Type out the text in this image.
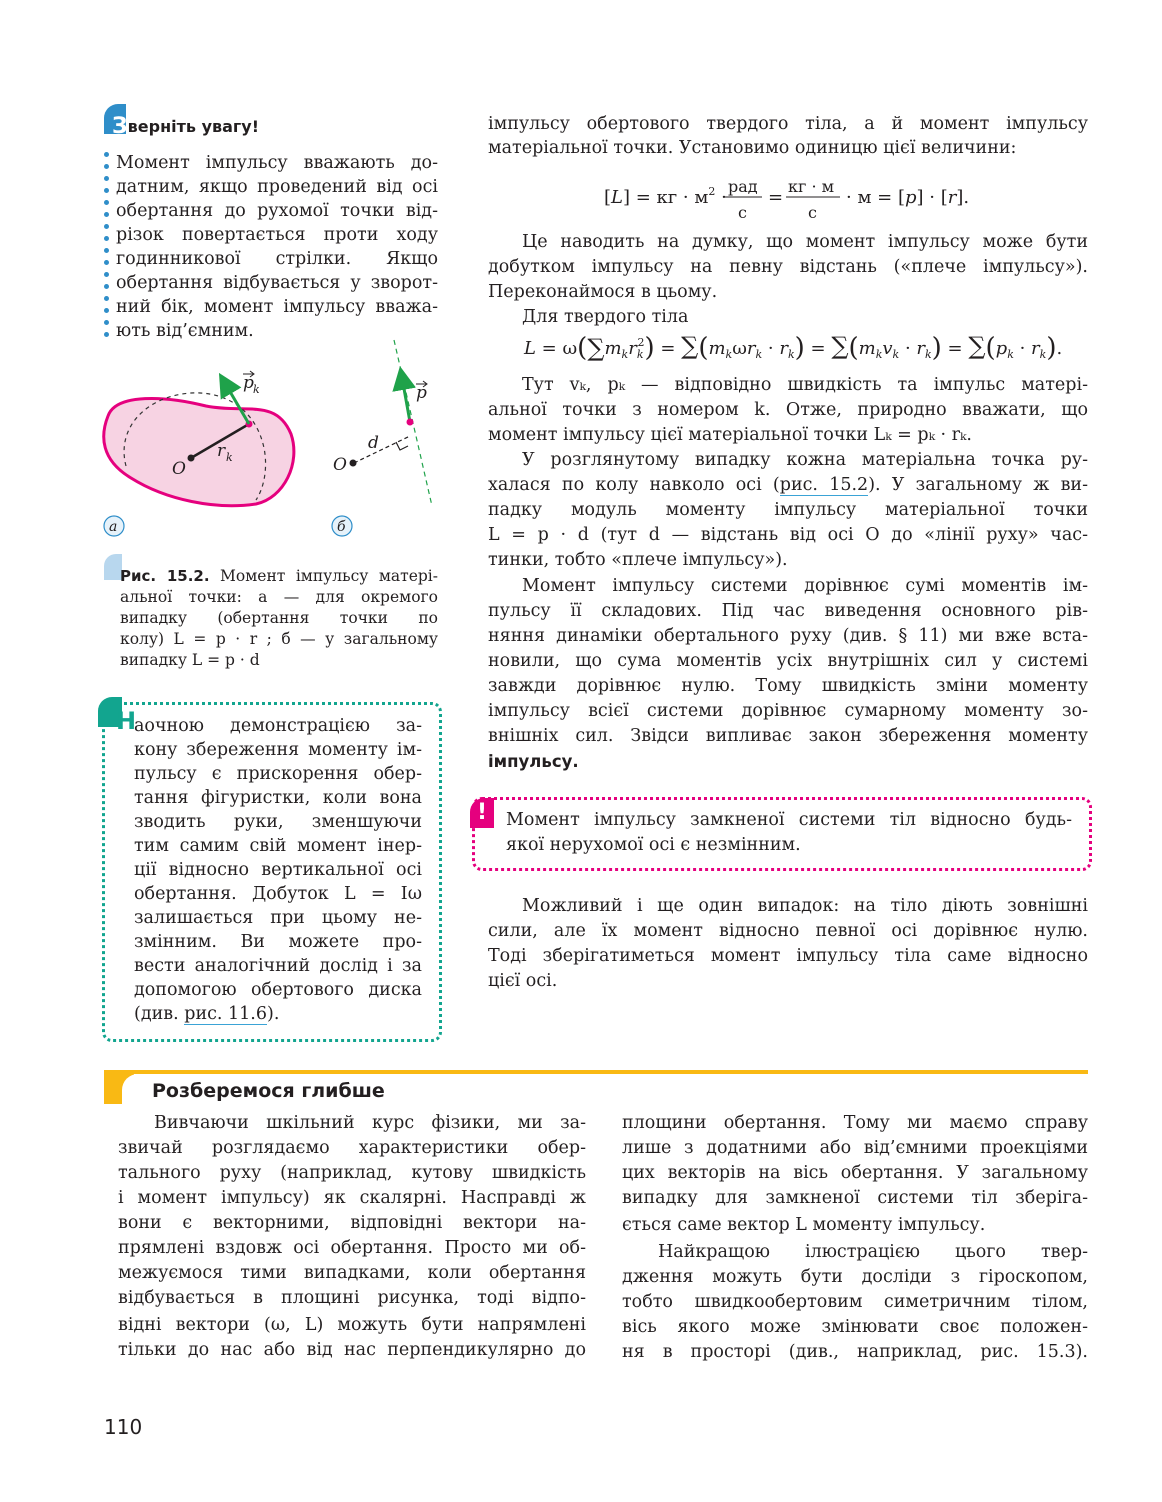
Зверніть увагу!
Момент імпульсу вважають до-
датним, якщо проведений від осі
обертання до рухомої точки від-
різок повертається проти ходу
годинникової стрілки. Якщо
обертання відбувається у зворот-
ний бік, момент імпульсу вважа-
ють від’ємним.
O
r k
p k
O
d
p
а	б
Рис. 15.2. Момент імпульсу матері-
альної точки: а — для окремого
випадку (обертання точки по
колу) L = p · r ; б — у загальному
випадку L = p · d
Н
аочною демонстрацією за-
кону збереження моменту ім-
пульсу є прискорення обер-
тання фігуристки, коли вона
зводить руки, зменшуючи
тим самим свій момент інер-
ції відносно вертикальної осі
обертання. Добуток L = Iω
залишається при цьому не-
змінним. Ви можете про-
вести аналогічний дослід і за
допомогою обертового диска
(див. рис. 11.6).
імпульсу обертового твердого тіла, а й момент імпульсу
матеріальної точки. Установимо одиницю цієї величини:
[L] = кг · $м^2$ ·
рад
с
=
кг · м
с
· м = [p] · [r].
Це наводить на думку, що момент імпульсу може бути
добутком імпульсу на певну відстань («плече імпульсу»).
Переконаймося в цьому.
Для твердого тіла
$L = \omega(\sum m_kr_k2) = \sum(m_k\omega r_k \cdot r_k) = \sum(m_kv_k \cdot r_k) = \sum(p_k \cdot r_k)$.
Тут vₖ, pₖ — відповідно швидкість та імпульс матері-
альної точки з номером k. Отже, природно вважати, що
момент імпульсу цієї матеріальної точки Lₖ = pₖ · rₖ.
У розглянутому випадку кожна матеріальна точка ру-
халася по колу навколо осі (рис. 15.2). У загальному ж ви-
падку модуль моменту імпульсу матеріальної точки
L = p · d (тут d — відстань від осі O до «лінії руху» час-
тинки, тобто «плече імпульсу»).
Момент імпульсу системи дорівнює сумі моментів ім-
пульсу її складових. Під час виведення основного рів-
няння динаміки обертального руху (див. § 11) ми вже вста-
новили, що сума моментів усіх внутрішніх сил у системі
завжди дорівнює нулю. Тому швидкість зміни моменту
імпульсу всієї системи дорівнює сумарному моменту зо-
внішніх сил. Звідси випливає закон збереження моменту
імпульсу.
!	Момент імпульсу замкненої системи тіл відносно будь-
якої нерухомої осі є незмінним.
Можливий і ще один випадок: на тіло діють зовнішні
сили, але їх момент відносно певної осі дорівнює нулю.
Тоді зберігатиметься момент імпульсу тіла саме відносно
цієї осі.
Розберемося глибше
Вивчаючи шкільний курс фізики, ми за-
звичай розглядаємо характеристики обер-
тального руху (наприклад, кутову швидкість
і момент імпульсу) як скалярні. Насправді ж
вони є векторними, відповідні вектори на-
прямлені вздовж осі обертання. Просто ми об-
межуємося тими випадками, коли обертання
відбувається в площині рисунка, тоді відпо-
відні вектори (ω, L) можуть бути напрямлені
тільки до нас або від нас перпендикулярно до
площини обертання. Тому ми маємо справу
лише з додатними або від’ємними проекціями
цих векторів на вісь обертання. У загальному
випадку для замкненої системи тіл зберіга-
ється саме вектор L моменту імпульсу.
Найкращою ілюстрацією цього твер-
дження можуть бути досліди з гіроскопом,
тобто швидкообертовим симетричним тілом,
вісь якого може змінювати своє положен-
ня в просторі (див., наприклад, рис. 15.3).
110
